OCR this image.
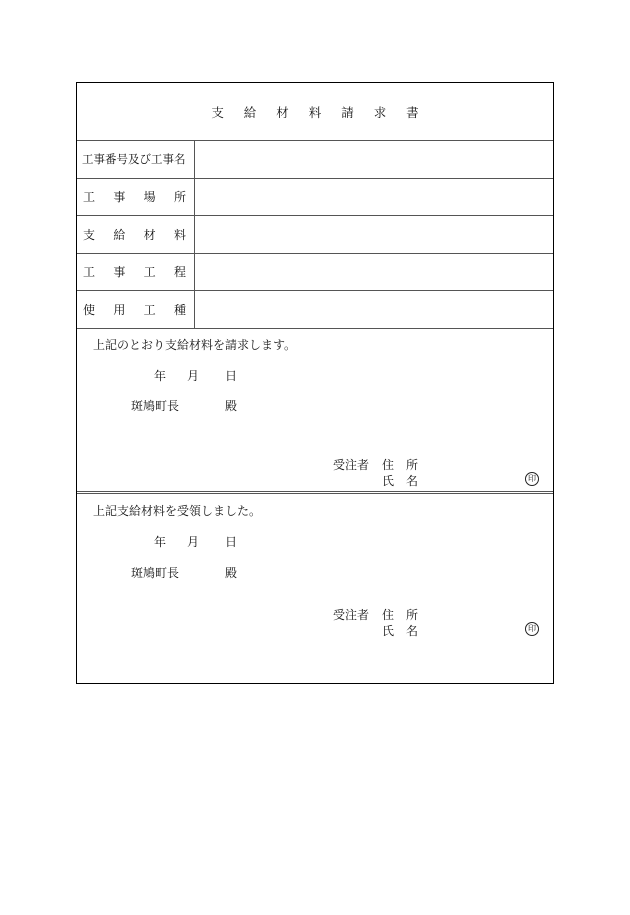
支 給 材 料 請 求 書
工事番号及び工事名
工 事 場 所
支 給 材 料
工 事 工 程
使 用 工 種
上記のとおり支給材料を請求します。
年 月 日
斑鳩町長	殿
受注者 住　所
氏　名	印
上記支給材料を受領しました。
年 月 日
斑鳩町長	殿
受注者 住　所
氏　名	印
